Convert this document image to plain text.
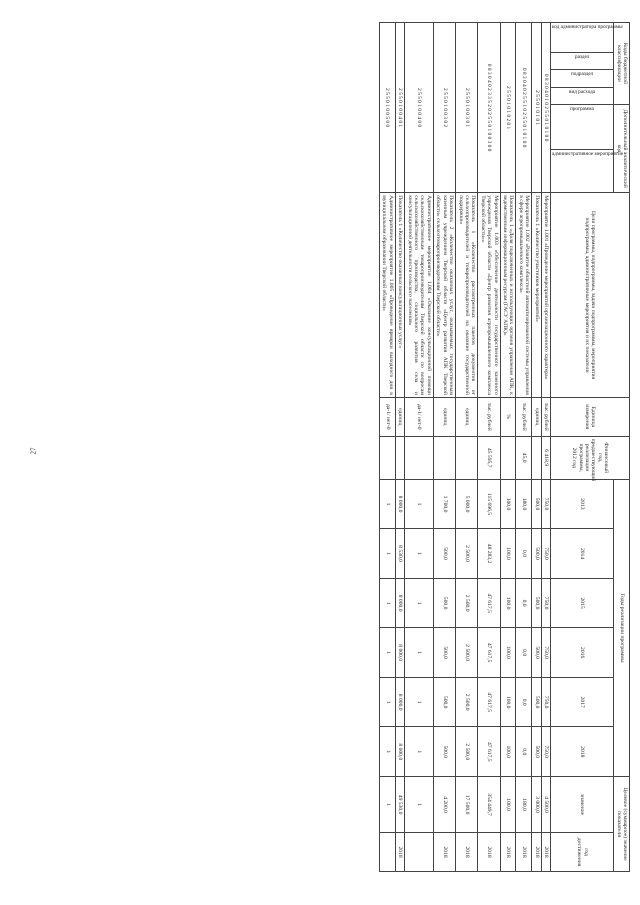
27
Коды бюджетной классификации				Дополнительный аналитический код		Цели программы, подпрограммы, задачи подпрограммы, мероприятия подпрограммы, административные мероприятия и их показатели	Единица измерения	Финансовый год, предшествующий реализации программы, 2012 год	Годы реализации программы						Целевое (суммарное) значение показателя	

код администратора программы	раздел	подраздел	вид расхода	программа	административное мероприятие				2013	2014	2015	2016	2017	2018	значение	год достижения
0 8 3 0 4 0 1 0 2 5 5 0 1 0 1 0 0						Мероприятие 1.001 «Проведение мероприятий организационного характера»	тыс. рублей	6 418,9	750,0	750,0	750,0	750,0	750,0	750,0	4 500,0	2018
2 5 5 0 1 0 1 0 1						Показатель 1 «Количество участников мероприятий»	единиц		500,0	500,0	500,0	500,0	500,0	500,0	3 000,0	2018
0 8 3 0 4 0 2 5 5 1 0 2 5 5 0 1 0 1 0 0						Мероприятие 1.002 «Развитие областной автоматизированной системы управления в сфере агропромышленного комплекса»	тыс. рублей	45,0	180,0	0,0	0,0	0,0	0,0	0,0	180,0	2018
2 5 5 0 1 0 1 0 2 0 1						Показатель 1 «Доля подключенных и использующих органов управления АПК, к ведомственным информационным ресурсам (ГАСУ АПК)»	%		100,0	100,0	100,0	100,0	100,0	100,0	100,0	2018
0 8 3 0 4 0 2 3 3 5 2 0 2 5 5 0 1 0 0 3 0 0						Мероприятие 1.003 «Обеспечение деятельности государственного казенного учреждения Тверской области «Центр развития агропромышленного комплекса Тверской области»»	тыс. рублей	45 595,7	115 696,5	48 283,2	47 617,5	47 617,5	47 617,5	47 617,5	354 449,7	2018
2 5 5 0 1 0 0 3 0 1						Показатель 1 «Количество рассмотренных пакетов документов от сельхозпроизводителей и товаропроизводителей на оказание государственной поддержки»	единиц		5 000,0	2 500,0	2 500,0	2 500,0	2 500,0	2 500,0	17 500,0	2018
2 5 5 0 1 0 0 3 0 2						Показатель 2 «Количество оказанных услуг, оказываемых государственным казенным учреждением Тверской области «Центр развития АПК Тверской области» сельхозтоваропроизводителям Тверской области»	единиц		1 700,0	500,0	500,0	500,0	500,0	500,0	4 200,0	2018
2 5 5 0 1 0 0 4 0 0						Административное мероприятие 1.004 «Оказание консультационной помощи сельскохозяйственным товаропроизводителям Тверской области по вопросам сельскохозяйственного производства, социального развития села и консультационной деятельности сельского населения»	да-1/ нет-0		1	1	1	1	1	1	1	
2 5 5 0 1 0 0 4 0 1						Показатель 1 «Количество оказанных консультационных услуг»	единиц		8 000,0	8 530,0	8 000,0	8 000,0	8 000,0	8 000,0	49 530,0	2018
2 5 5 0 1 0 0 5 0 0						Административное мероприятие 1.005 «Проведение ярмарки выходного дня в муниципальном образовании Тверской области»	да-1/ нет-0		1	1	1	1	1	1	1	
